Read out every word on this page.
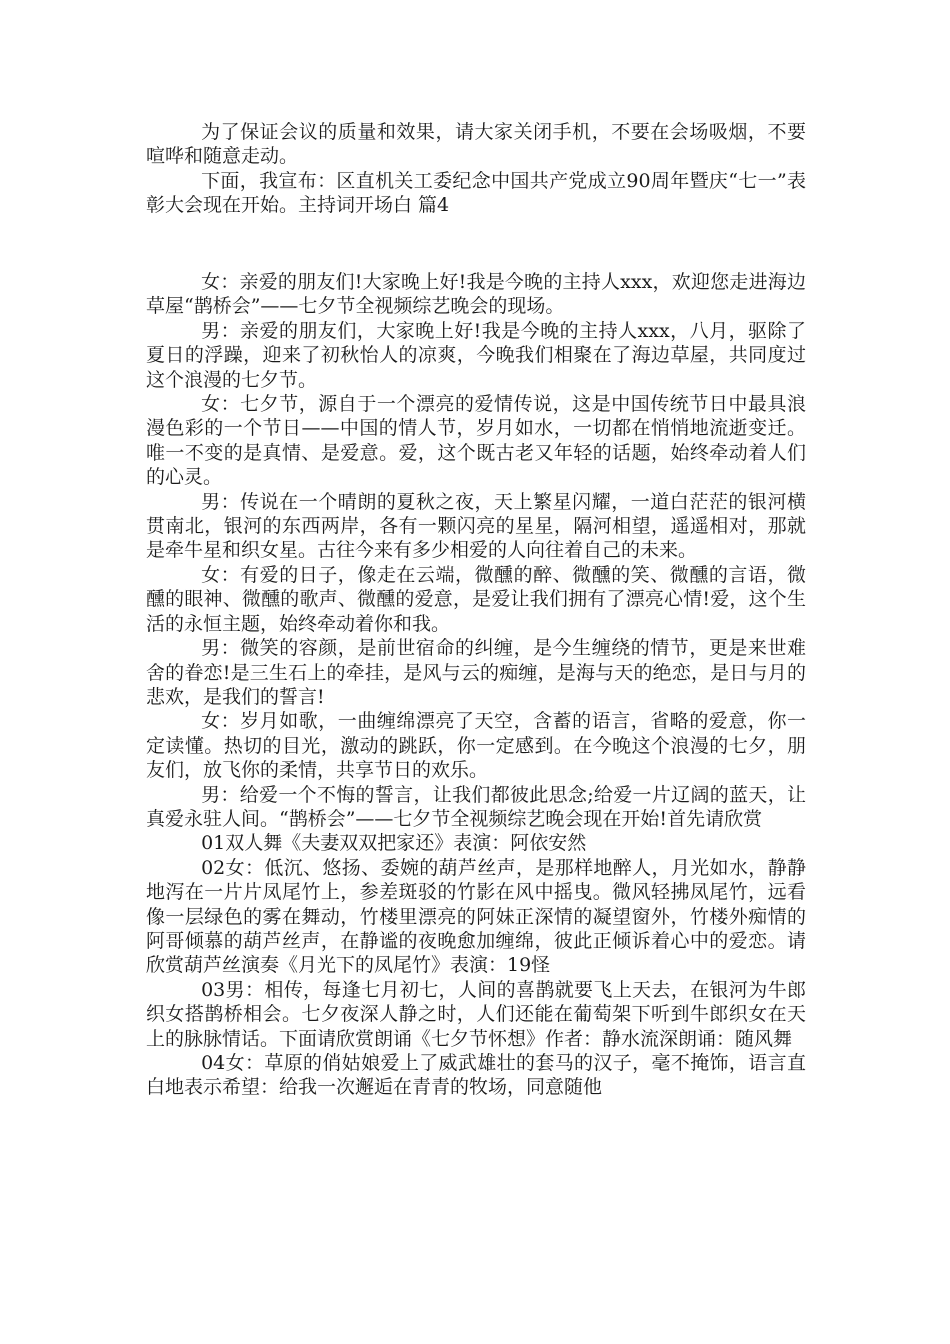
为了保证会议的质量和效果，请大家关闭手机，不要在会场吸烟，不要喧哗和随意走动。

下面，我宣布：区直机关工委纪念中国共产党成立90周年暨庆“七一”表彰大会现在开始。主持词开场白 篇4

女：亲爱的朋友们!大家晚上好!我是今晚的主持人xxx，欢迎您走进海边草屋“鹊桥会”——七夕节全视频综艺晚会的现场。

男：亲爱的朋友们，大家晚上好!我是今晚的主持人xxx，八月，驱除了夏日的浮躁，迎来了初秋怡人的凉爽，今晚我们相聚在了海边草屋，共同度过这个浪漫的七夕节。

女：七夕节，源自于一个漂亮的爱情传说，这是中国传统节日中最具浪漫色彩的一个节日——中国的情人节，岁月如水，一切都在悄悄地流逝变迁。唯一不变的是真情、是爱意。爱，这个既古老又年轻的话题，始终牵动着人们的心灵。

男：传说在一个晴朗的夏秋之夜，天上繁星闪耀，一道白茫茫的银河横贯南北，银河的东西两岸，各有一颗闪亮的星星，隔河相望，遥遥相对，那就是牵牛星和织女星。古往今来有多少相爱的人向往着自己的未来。

女：有爱的日子，像走在云端，微醺的醉、微醺的笑、微醺的言语，微醺的眼神、微醺的歌声、微醺的爱意，是爱让我们拥有了漂亮心情!爱，这个生活的永恒主题，始终牵动着你和我。

男：微笑的容颜，是前世宿命的纠缠，是今生缠绕的情节，更是来世难舍的眷恋!是三生石上的牵挂，是风与云的痴缠，是海与天的绝恋，是日与月的悲欢，是我们的誓言!

女：岁月如歌，一曲缠绵漂亮了天空，含蓄的语言，省略的爱意，你一定读懂。热切的目光，激动的跳跃，你一定感到。在今晚这个浪漫的七夕，朋友们，放飞你的柔情，共享节日的欢乐。

男：给爱一个不悔的誓言，让我们都彼此思念;给爱一片辽阔的蓝天，让真爱永驻人间。“鹊桥会”——七夕节全视频综艺晚会现在开始!首先请欣赏

01双人舞《夫妻双双把家还》表演：阿依安然

02女：低沉、悠扬、委婉的葫芦丝声，是那样地醉人，月光如水，静静地泻在一片片凤尾竹上，参差斑驳的竹影在风中摇曳。微风轻拂凤尾竹，远看像一层绿色的雾在舞动，竹楼里漂亮的阿妹正深情的凝望窗外，竹楼外痴情的阿哥倾慕的葫芦丝声，在静谧的夜晚愈加缠绵，彼此正倾诉着心中的爱恋。请欣赏葫芦丝演奏《月光下的凤尾竹》表演：19怪

03男：相传，每逢七月初七，人间的喜鹊就要飞上天去，在银河为牛郎织女搭鹊桥相会。七夕夜深人静之时，人们还能在葡萄架下听到牛郎织女在天上的脉脉情话。下面请欣赏朗诵《七夕节怀想》作者：静水流深朗诵：随风舞

04女：草原的俏姑娘爱上了威武雄壮的套马的汉子，毫不掩饰，语言直白地表示希望：给我一次邂逅在青青的牧场，同意随他
